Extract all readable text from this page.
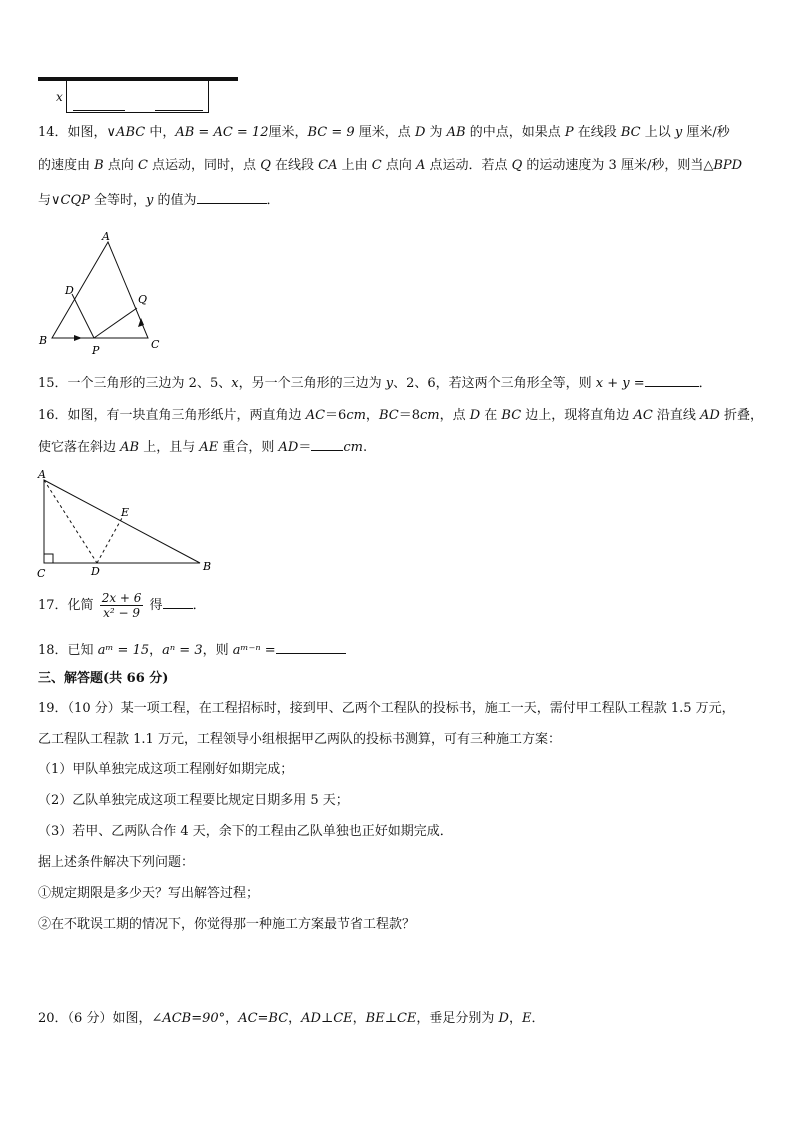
x
14．如图，∨ABC 中，AB = AC = 12厘米，BC = 9 厘米，点 D 为 AB 的中点，如果点 P 在线段 BC 上以 y 厘米/秒
的速度由 B 点向 C 点运动，同时，点 Q 在线段 CA 上由 C 点向 A 点运动．若点 Q 的运动速度为 3 厘米/秒，则当△BPD
与∨CQP 全等时，y 的值为	．
A
D
Q
B
P	C
15．一个三角形的三边为 2、5、x，另一个三角形的三边为 y、2、6，若这两个三角形全等，则 x + y =	．
16．如图，有一块直角三角形纸片，两直角边 AC＝6cm，BC＝8cm，点 D 在 BC 边上，现将直角边 AC 沿直线 AD 折叠，
使它落在斜边 AB 上，且与 AE 重合，则 AD＝ cm.
A
E
C	D	B
17．化简 $\frac{2x + 6}{\text{x² − 9}}$ 得 ．
18．已知 aᵐ = 15，aⁿ = 3，则 aᵐ⁻ⁿ =
三、解答题(共 66 分)
19．（10 分）某一项工程，在工程招标时，接到甲、乙两个工程队的投标书，施工一天，需付甲工程队工程款 1.5 万元，
乙工程队工程款 1.1 万元，工程领导小组根据甲乙两队的投标书测算，可有三种施工方案：
（1）甲队单独完成这项工程刚好如期完成；
（2）乙队单独完成这项工程要比规定日期多用 5 天；
（3）若甲、乙两队合作 4 天，余下的工程由乙队单独也正好如期完成．
据上述条件解决下列问题：
①规定期限是多少天？写出解答过程；
②在不耽误工期的情况下，你觉得那一种施工方案最节省工程款？
20．（6 分）如图，∠ACB=90°，AC=BC，AD⊥CE，BE⊥CE，垂足分别为 D，E．
